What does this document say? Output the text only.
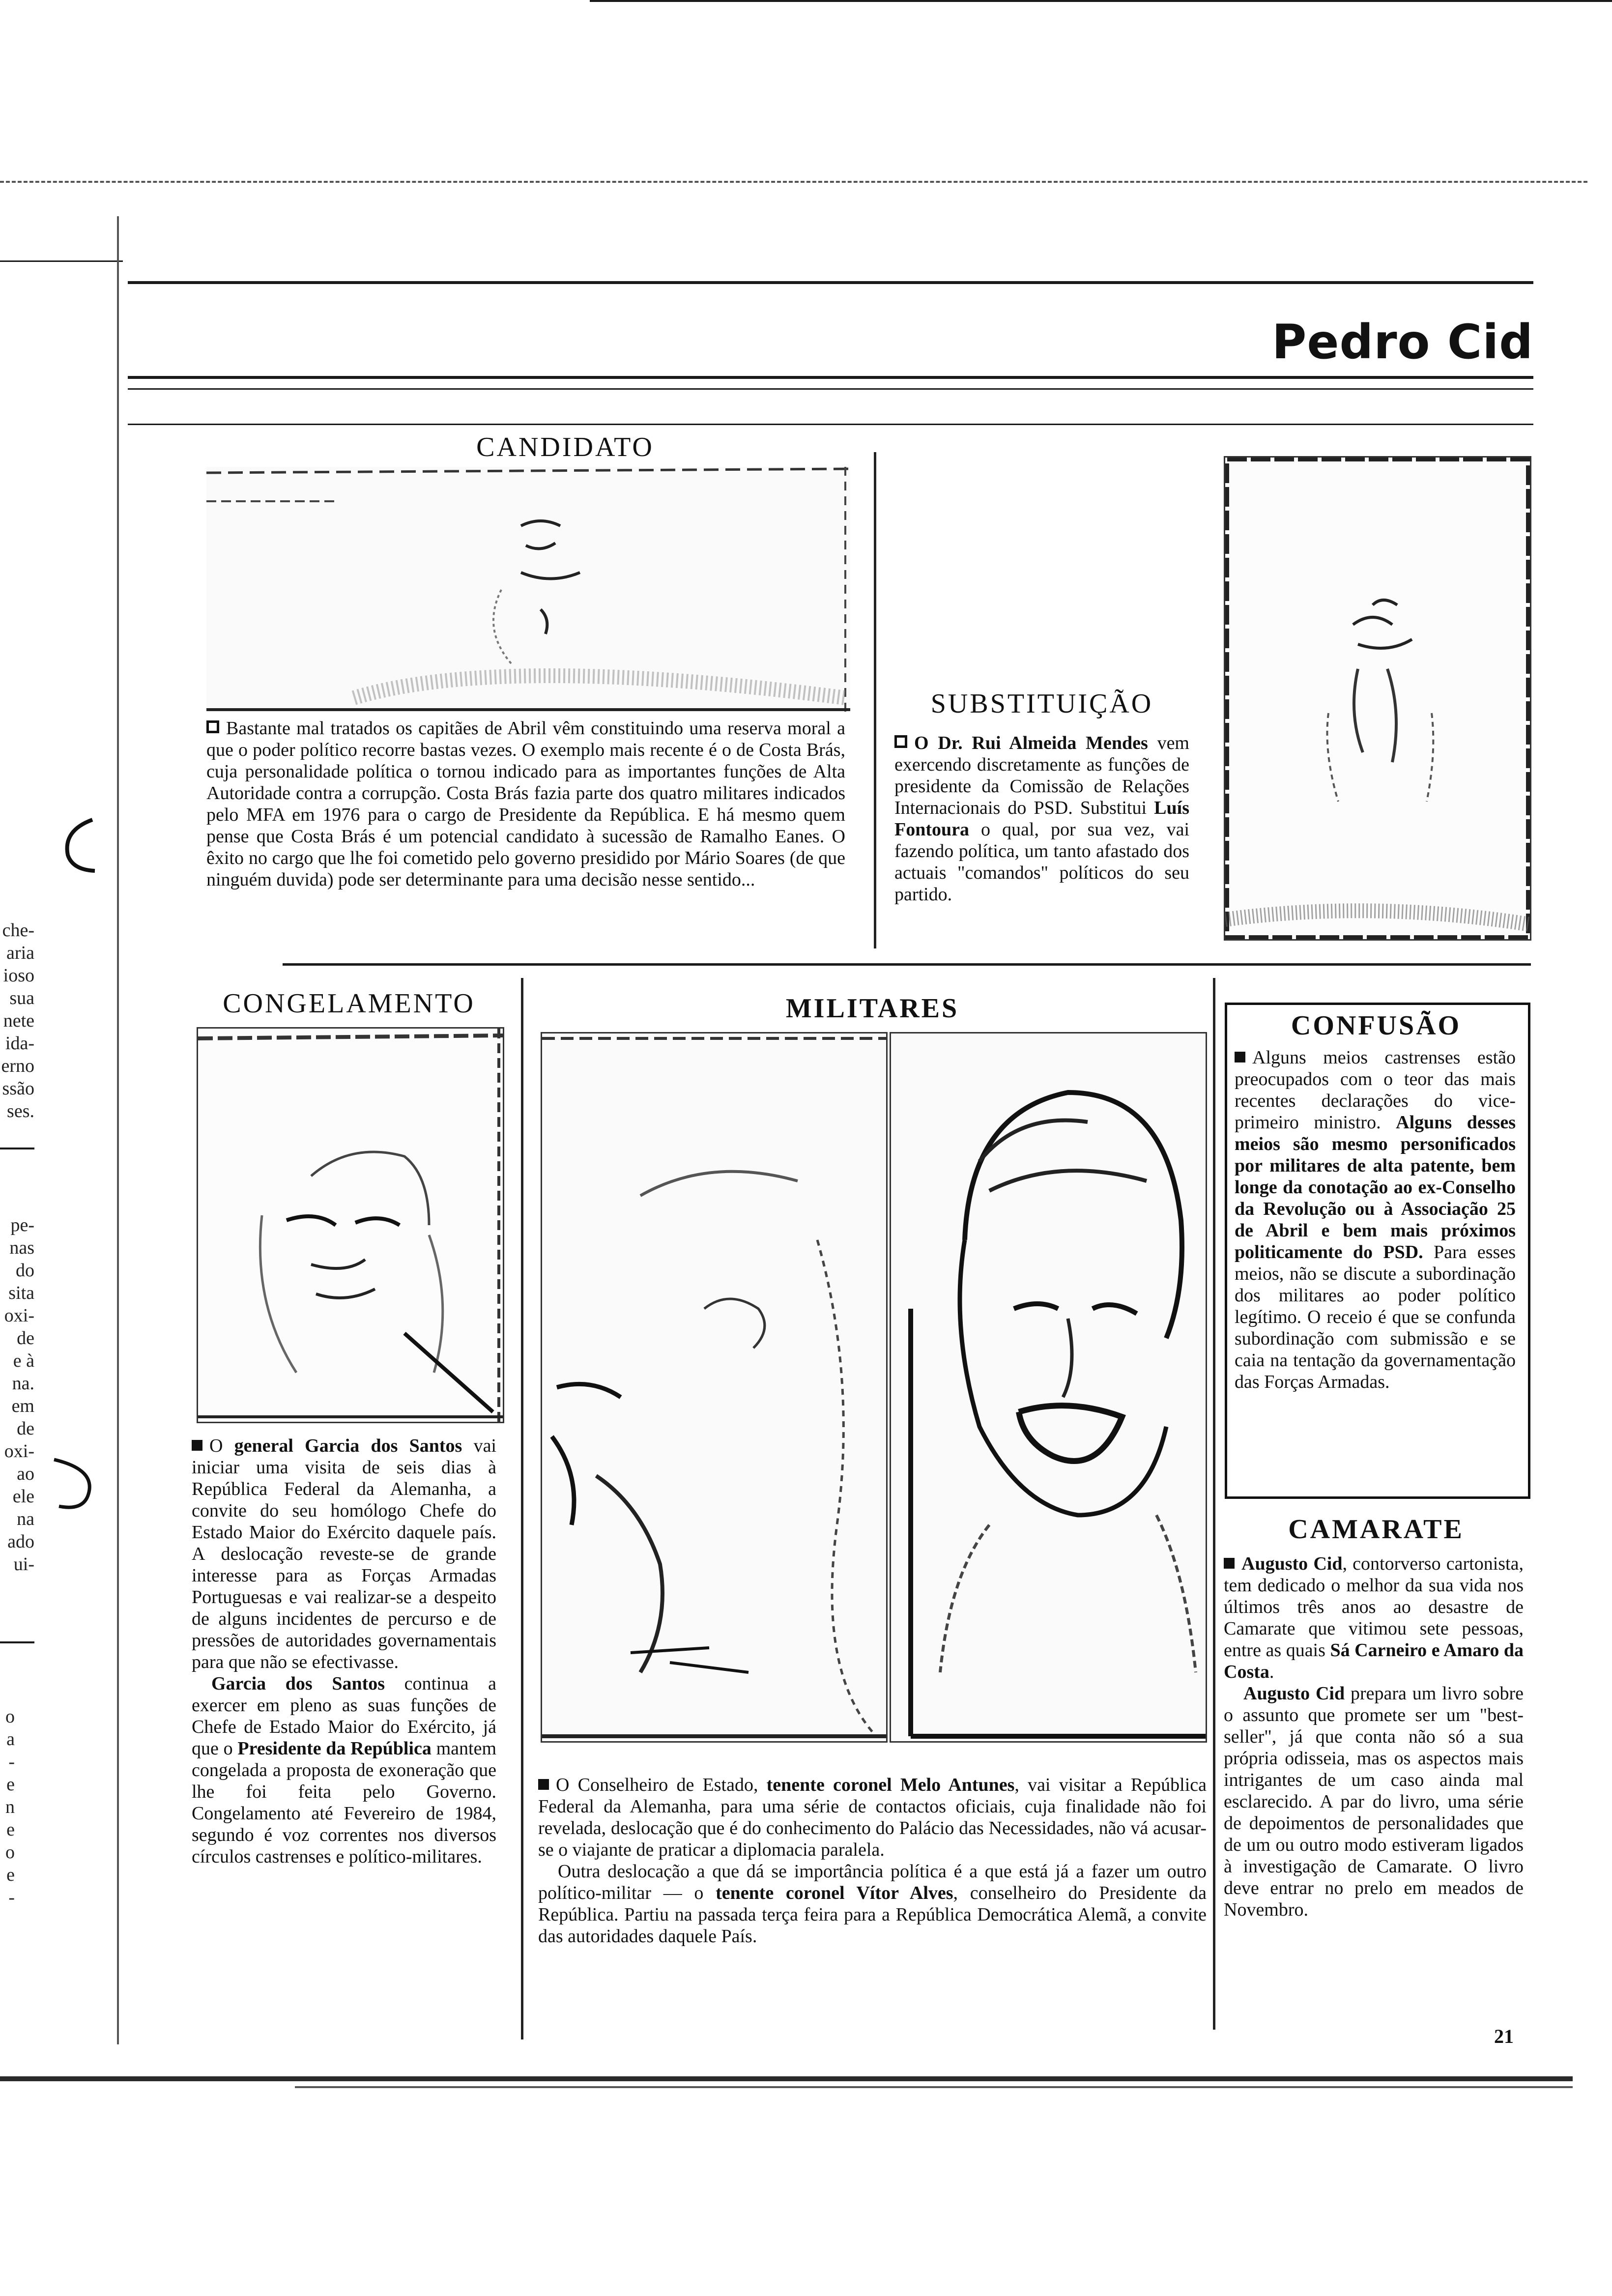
Pedro Cid
che-
aria
ioso
sua
nete
ida-
erno
ssão
ses.
pe-
nas
do
sita
oxi-
de
e à
na.
em
de
oxi-
ao
ele
na
ado
ui-
o
a
-
e
n
e
o
e
-
CANDIDATO

Bastante mal tratados os capitães de Abril vêm constituindo uma reserva moral a que o poder político recorre bastas vezes. O exemplo mais recente é o de Costa Brás, cuja personalidade política o tornou indicado para as importantes funções de Alta Autoridade contra a corrupção. Costa Brás fazia parte dos quatro militares indicados pelo MFA em 1976 para o cargo de Presidente da República. E há mesmo quem pense que Costa Brás é um potencial candidato à sucessão de Ramalho Eanes. O êxito no cargo que lhe foi cometido pelo governo presidido por Mário Soares (de que ninguém duvida) pode ser determinante para uma decisão nesse sentido...

SUBSTITUIÇÃO

O Dr. Rui Almeida Mendes vem exercendo discretamente as funções de presidente da Comissão de Relações Internacionais do PSD. Substitui Luís Fontoura o qual, por sua vez, vai fazendo política, um tanto afastado dos actuais "comandos" políticos do seu partido.

CONGELAMENTO

O general Garcia dos Santos vai iniciar uma visita de seis dias à República Federal da Alemanha, a convite do seu homólogo Chefe do Estado Maior do Exército daquele país. A deslocação reveste-se de grande interesse para as Forças Armadas Portuguesas e vai realizar-se a despeito de alguns incidentes de percurso e de pressões de autoridades governamentais para que não se efectivasse.

Garcia dos Santos continua a exercer em pleno as suas funções de Chefe de Estado Maior do Exército, já que o Presidente da República mantem congelada a proposta de exoneração que lhe foi feita pelo Governo. Congelamento até Fevereiro de 1984, segundo é voz correntes nos diversos círculos castrenses e político-militares.

MILITARES

O Conselheiro de Estado, tenente coronel Melo Antunes, vai visitar a República Federal da Alemanha, para uma série de contactos oficiais, cuja finalidade não foi revelada, deslocação que é do conhecimento do Palácio das Necessidades, não vá acusar-se o viajante de praticar a diplomacia paralela.

Outra deslocação a que dá se importância política é a que está já a fazer um outro político-militar — o tenente coronel Vítor Alves, conselheiro do Presidente da República. Partiu na passada terça feira para a República Democrática Alemã, a convite das autoridades daquele País.

CONFUSÃO

Alguns meios castrenses estão preocupados com o teor das mais recentes declarações do vice-primeiro ministro. Alguns desses meios são mesmo personificados por militares de alta patente, bem longe da conotação ao ex-Conselho da Revolução ou à Associação 25 de Abril e bem mais próximos politicamente do PSD. Para esses meios, não se discute a subordinação dos militares ao poder político legítimo. O receio é que se confunda subordinação com submissão e se caia na tentação da governamentação das Forças Armadas.

CAMARATE

Augusto Cid, contorverso cartonista, tem dedicado o melhor da sua vida nos últimos três anos ao desastre de Camarate que vitimou sete pessoas, entre as quais Sá Carneiro e Amaro da Costa.

Augusto Cid prepara um livro sobre o assunto que promete ser um "best-seller", já que conta não só a sua própria odisseia, mas os aspectos mais intrigantes de um caso ainda mal esclarecido. A par do livro, uma série de depoimentos de personalidades que de um ou outro modo estiveram ligados à investigação de Camarate. O livro deve entrar no prelo em meados de Novembro.

21
